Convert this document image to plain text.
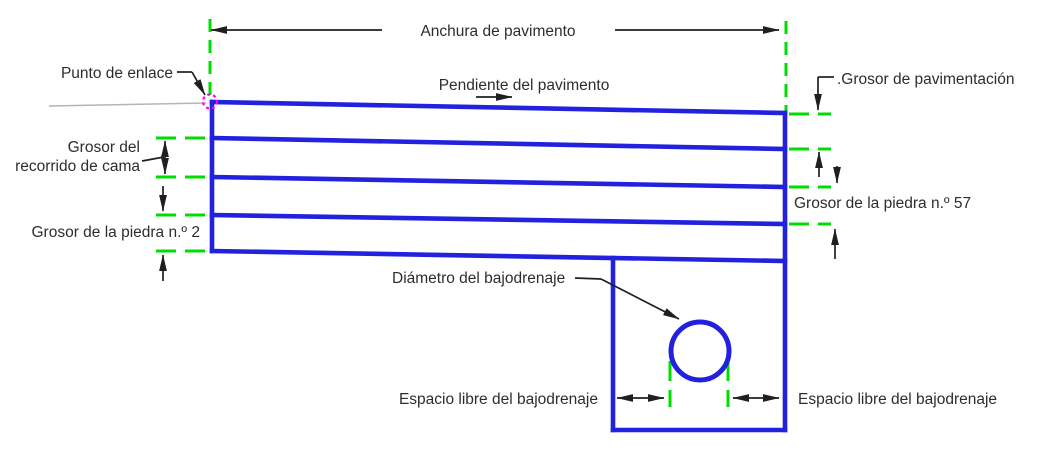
Anchura de pavimento
Punto de enlace
Pendiente del pavimento	.Grosor de pavimentación
Grosor del
recorrido de cama
Grosor de la piedra n.º 57
Grosor de la piedra n.º 2
Diámetro del bajodrenaje
Espacio libre del bajodrenaje	Espacio libre del bajodrenaje
